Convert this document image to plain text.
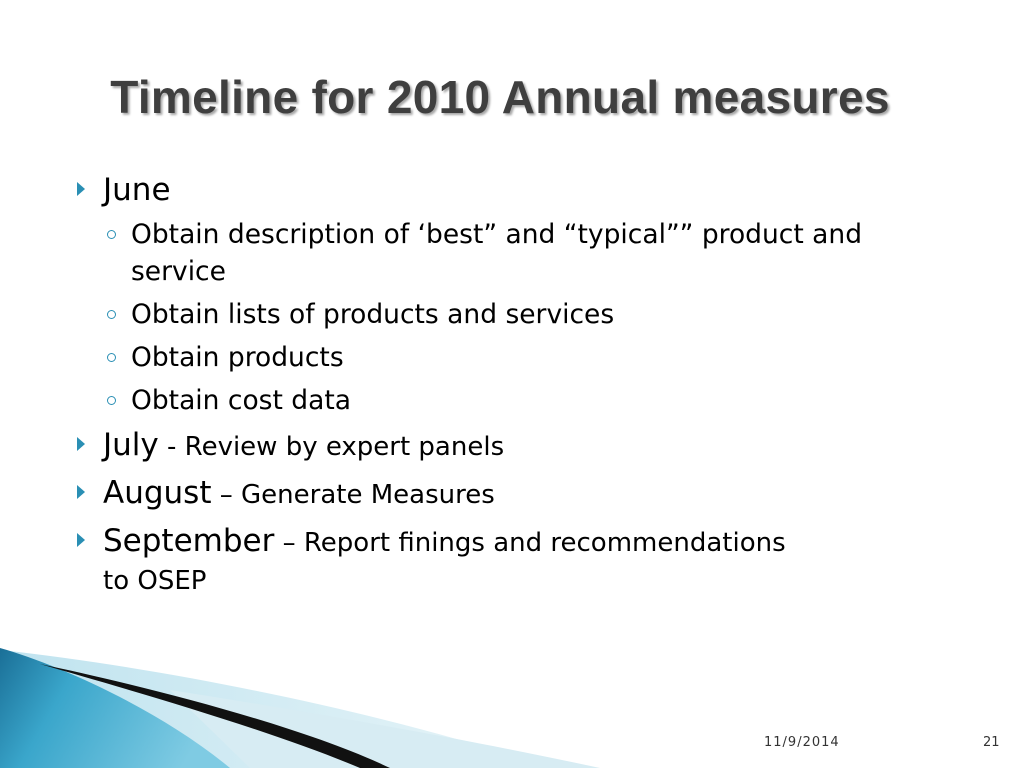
Timeline for 2010 Annual measures
June
Obtain description of ‘best” and “typical”” product and service
Obtain lists of products and services
Obtain products
Obtain cost data
July - Review by expert panels
August – Generate Measures
September – Report finings and recommendations
to OSEP
11/9/2014	21
